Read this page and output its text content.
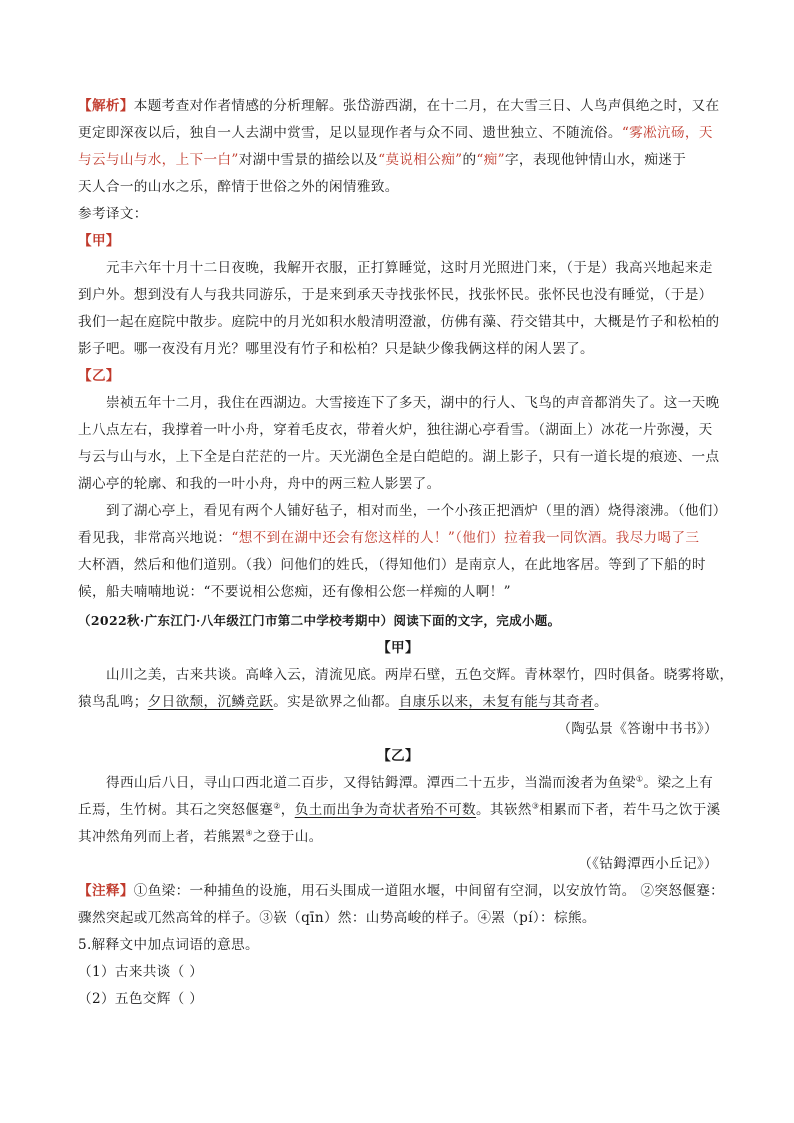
【解析】本题考查对作者情感的分析理解。张岱游西湖，在十二月，在大雪三日、人鸟声俱绝之时，又在
更定即深夜以后，独自一人去湖中赏雪，足以显现作者与众不同、遗世独立、不随流俗。“雾凇沆砀，天
与云与山与水，上下一白”对湖中雪景的描绘以及“莫说相公痴”的“痴”字，表现他钟情山水，痴迷于
天人合一的山水之乐，醉情于世俗之外的闲情雅致。
参考译文：
【甲】
元丰六年十月十二日夜晚，我解开衣服，正打算睡觉，这时月光照进门来，（于是）我高兴地起来走
到户外。想到没有人与我共同游乐，于是来到承天寺找张怀民，找张怀民。张怀民也没有睡觉，（于是）
我们一起在庭院中散步。庭院中的月光如积水般清明澄澈，仿佛有藻、荇交错其中，大概是竹子和松柏的
影子吧。哪一夜没有月光？哪里没有竹子和松柏？只是缺少像我俩这样的闲人罢了。
【乙】
崇祯五年十二月，我住在西湖边。大雪接连下了多天，湖中的行人、飞鸟的声音都消失了。这一天晚
上八点左右，我撑着一叶小舟，穿着毛皮衣，带着火炉，独往湖心亭看雪。（湖面上）冰花一片弥漫，天
与云与山与水，上下全是白茫茫的一片。天光湖色全是白皑皑的。湖上影子，只有一道长堤的痕迹、一点
湖心亭的轮廓、和我的一叶小舟，舟中的两三粒人影罢了。
到了湖心亭上，看见有两个人铺好毡子，相对而坐，一个小孩正把酒炉（里的酒）烧得滚沸。（他们）
看见我，非常高兴地说：“想不到在湖中还会有您这样的人！”（他们）拉着我一同饮酒。我尽力喝了三
大杯酒，然后和他们道别。（我）问他们的姓氏，（得知他们）是南京人，在此地客居。等到了下船的时
候，船夫喃喃地说：“不要说相公您痴，还有像相公您一样痴的人啊！”
（2022秋·广东江门·八年级江门市第二中学校考期中）阅读下面的文字，完成小题。
【甲】
山川之美，古来共谈。高峰入云，清流见底。两岸石壁，五色交辉。青林翠竹，四时俱备。晓雾将歇，
猿鸟乱鸣；夕日欲颓，沉鳞竞跃。实是欲界之仙都。自康乐以来，未复有能与其奇者。
（陶弘景《答谢中书书》）
【乙】
得西山后八日，寻山口西北道二百步，又得钴鉧潭。潭西二十五步，当湍而浚者为鱼梁①。梁之上有
丘焉，生竹树。其石之突怒偃蹇②，负土而出争为奇状者殆不可数。其嵚然③相累而下者，若牛马之饮于溪
其冲然角列而上者，若熊罴④之登于山。
（《钴鉧潭西小丘记》）
【注释】①鱼梁：一种捕鱼的设施，用石头围成一道阻水堰，中间留有空洞，以安放竹笥。 ②突怒偃蹇：
骤然突起或兀然高耸的样子。③嵚（qīn）然：山势高峻的样子。④罴（pí）：棕熊。
5.解释文中加点词语的意思。
（1）古来共谈（ ）
（2）五色交辉（ ）
